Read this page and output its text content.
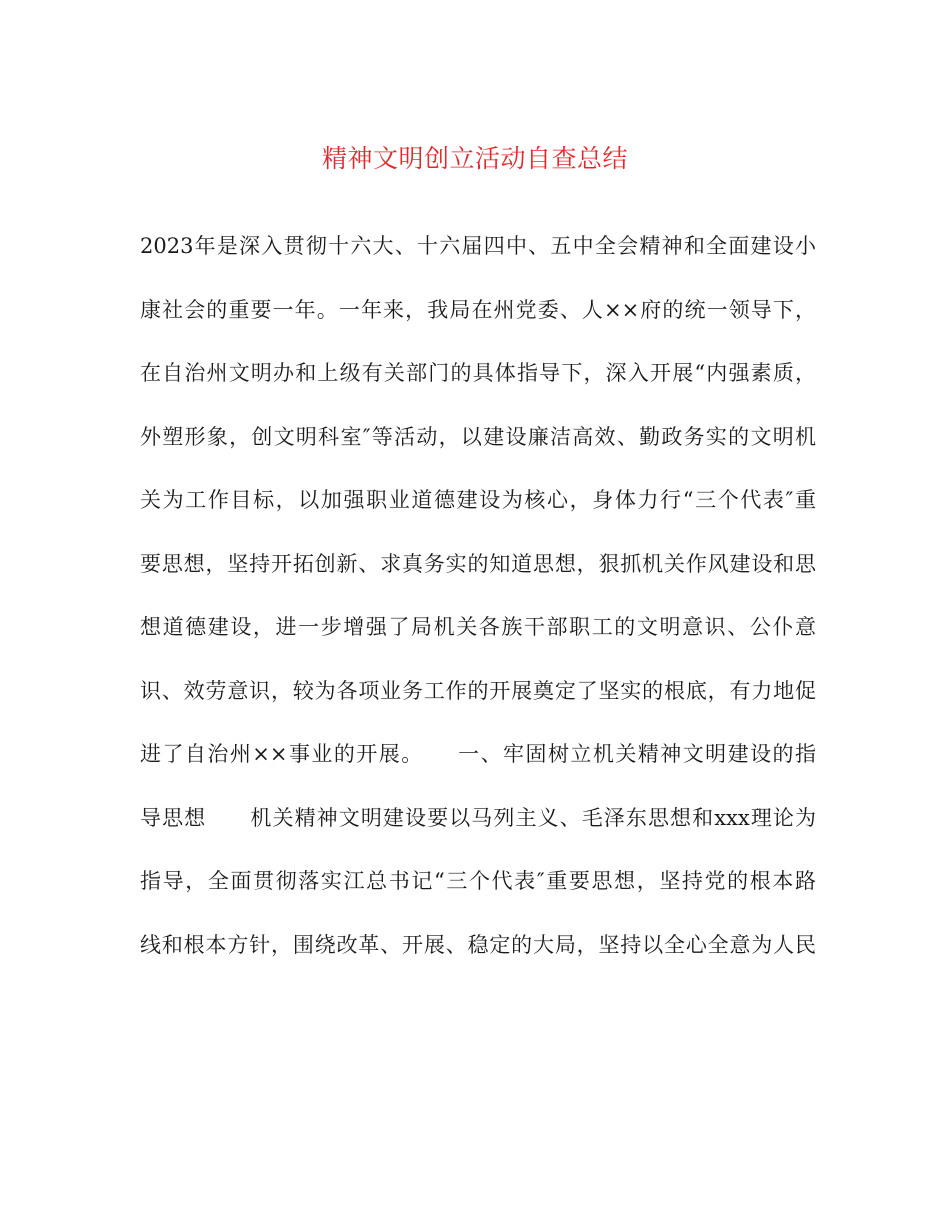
精神文明创立活动自查总结
2023年是深入贯彻十六大、十六届四中、五中全会精神和全面建设小
康社会的重要一年。一年来，我局在州党委、人××府的统一领导下，
在自治州文明办和上级有关部门的具体指导下，深入开展“内强素质，
外塑形象，创文明科室″等活动，以建设廉洁高效、勤政务实的文明机
关为工作目标，以加强职业道德建设为核心，身体力行“三个代表″重
要思想，坚持开拓创新、求真务实的知道思想，狠抓机关作风建设和思
想道德建设，进一步增强了局机关各族干部职工的文明意识、公仆意
识、效劳意识，较为各项业务工作的开展奠定了坚实的根底，有力地促
进了自治州××事业的开展。　　一、牢固树立机关精神文明建设的指
导思想　　机关精神文明建设要以马列主义、毛泽东思想和xxx理论为
指导，全面贯彻落实江总书记“三个代表″重要思想，坚持党的根本路
线和根本方针，围绕改革、开展、稳定的大局，坚持以全心全意为人民
